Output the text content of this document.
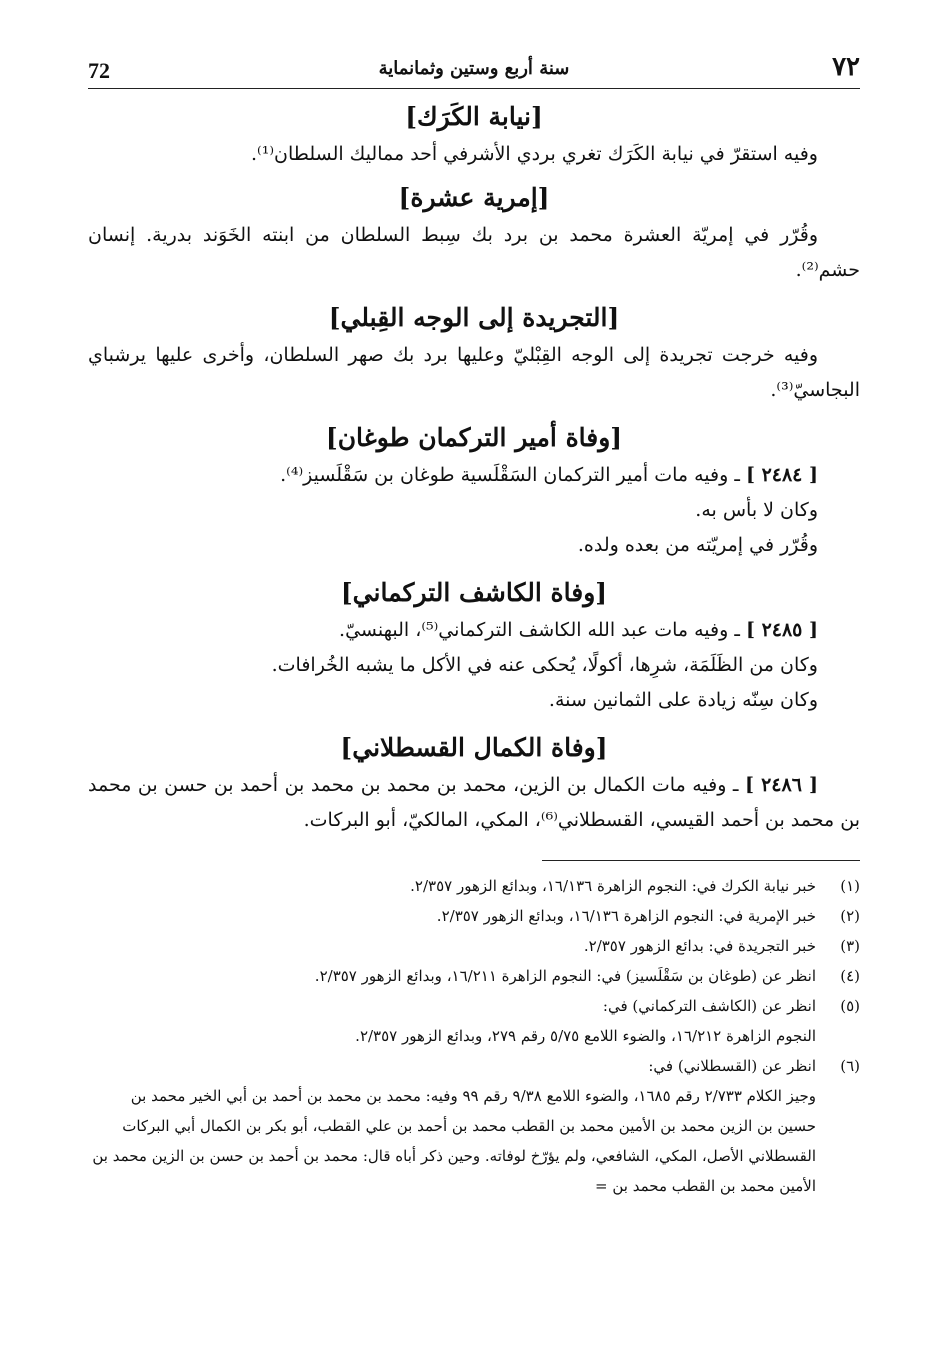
٧٢
سنة أربع وستين وثمانماية
72
[نيابة الكَرَك]

وفيه استقرّ في نيابة الكَرَك تغري بردي الأشرفي أحد مماليك السلطان⁽¹⁾.

[إمرية عشرة]

وقُرّر في إمريّة العشرة محمد بن برد بك سِبط السلطان من ابنته الخَوَند بدرية. إنسان حشم⁽²⁾.

[التجريدة إلى الوجه القِبلي]

وفيه خرجت تجريدة إلى الوجه القِبْليّ وعليها برد بك صهر السلطان، وأخرى عليها يرشباي البجاسيّ⁽³⁾.

[وفاة أمير التركمان طوغان]

[ ٢٤٨٤ ] ـ وفيه مات أمير التركمان السَقْلَسية طوغان بن سَقْلَسيز⁽⁴⁾.

وكان لا بأس به.

وقُرّر في إمريّته من بعده ولده.

[وفاة الكاشف التركماني]

[ ٢٤٨٥ ] ـ وفيه مات عبد الله الكاشف التركماني⁽⁵⁾، البهنسيّ.

وكان من الظَلَمَة، شرِها، أكولًا، يُحكى عنه في الأكل ما يشبه الخُرافات.

وكان سِنّه زيادة على الثمانين سنة.

[وفاة الكمال القسطلاني]

[ ٢٤٨٦ ] ـ وفيه مات الكمال بن الزين، محمد بن محمد بن محمد بن أحمد بن حسن بن محمد بن محمد بن أحمد القيسي، القسطلاني⁽⁶⁾، المكي، المالكيّ، أبو البركات.

(١)
خبر نيابة الكرك في: النجوم الزاهرة ١٦/١٣٦، وبدائع الزهور ٢/٣٥٧.
(٢)
خبر الإمرية في: النجوم الزاهرة ١٦/١٣٦، وبدائع الزهور ٢/٣٥٧.
(٣)
خبر التجريدة في: بدائع الزهور ٢/٣٥٧.
(٤)
انظر عن (طوغان بن سَقْلَسيز) في: النجوم الزاهرة ١٦/٢١١، وبدائع الزهور ٢/٣٥٧.
(٥)
انظر عن (الكاشف التركماني) في:
النجوم الزاهرة ١٦/٢١٢، والضوء اللامع ٥/٧٥ رقم ٢٧٩، وبدائع الزهور ٢/٣٥٧.
(٦)
انظر عن (القسطلاني) في:
وجيز الكلام ٢/٧٣٣ رقم ١٦٨٥، والضوء اللامع ٩/٣٨ رقم ٩٩ وفيه: محمد بن محمد بن أحمد بن أبي الخير محمد بن حسين بن الزين محمد بن الأمين محمد بن القطب محمد بن أحمد بن علي القطب، أبو بكر بن الكمال أبي البركات القسطلاني الأصل، المكي، الشافعي، ولم يؤرّخ لوفاته. وحين ذكر أباه قال: محمد بن أحمد بن حسن بن الزين محمد بن الأمين محمد بن القطب محمد بن =
